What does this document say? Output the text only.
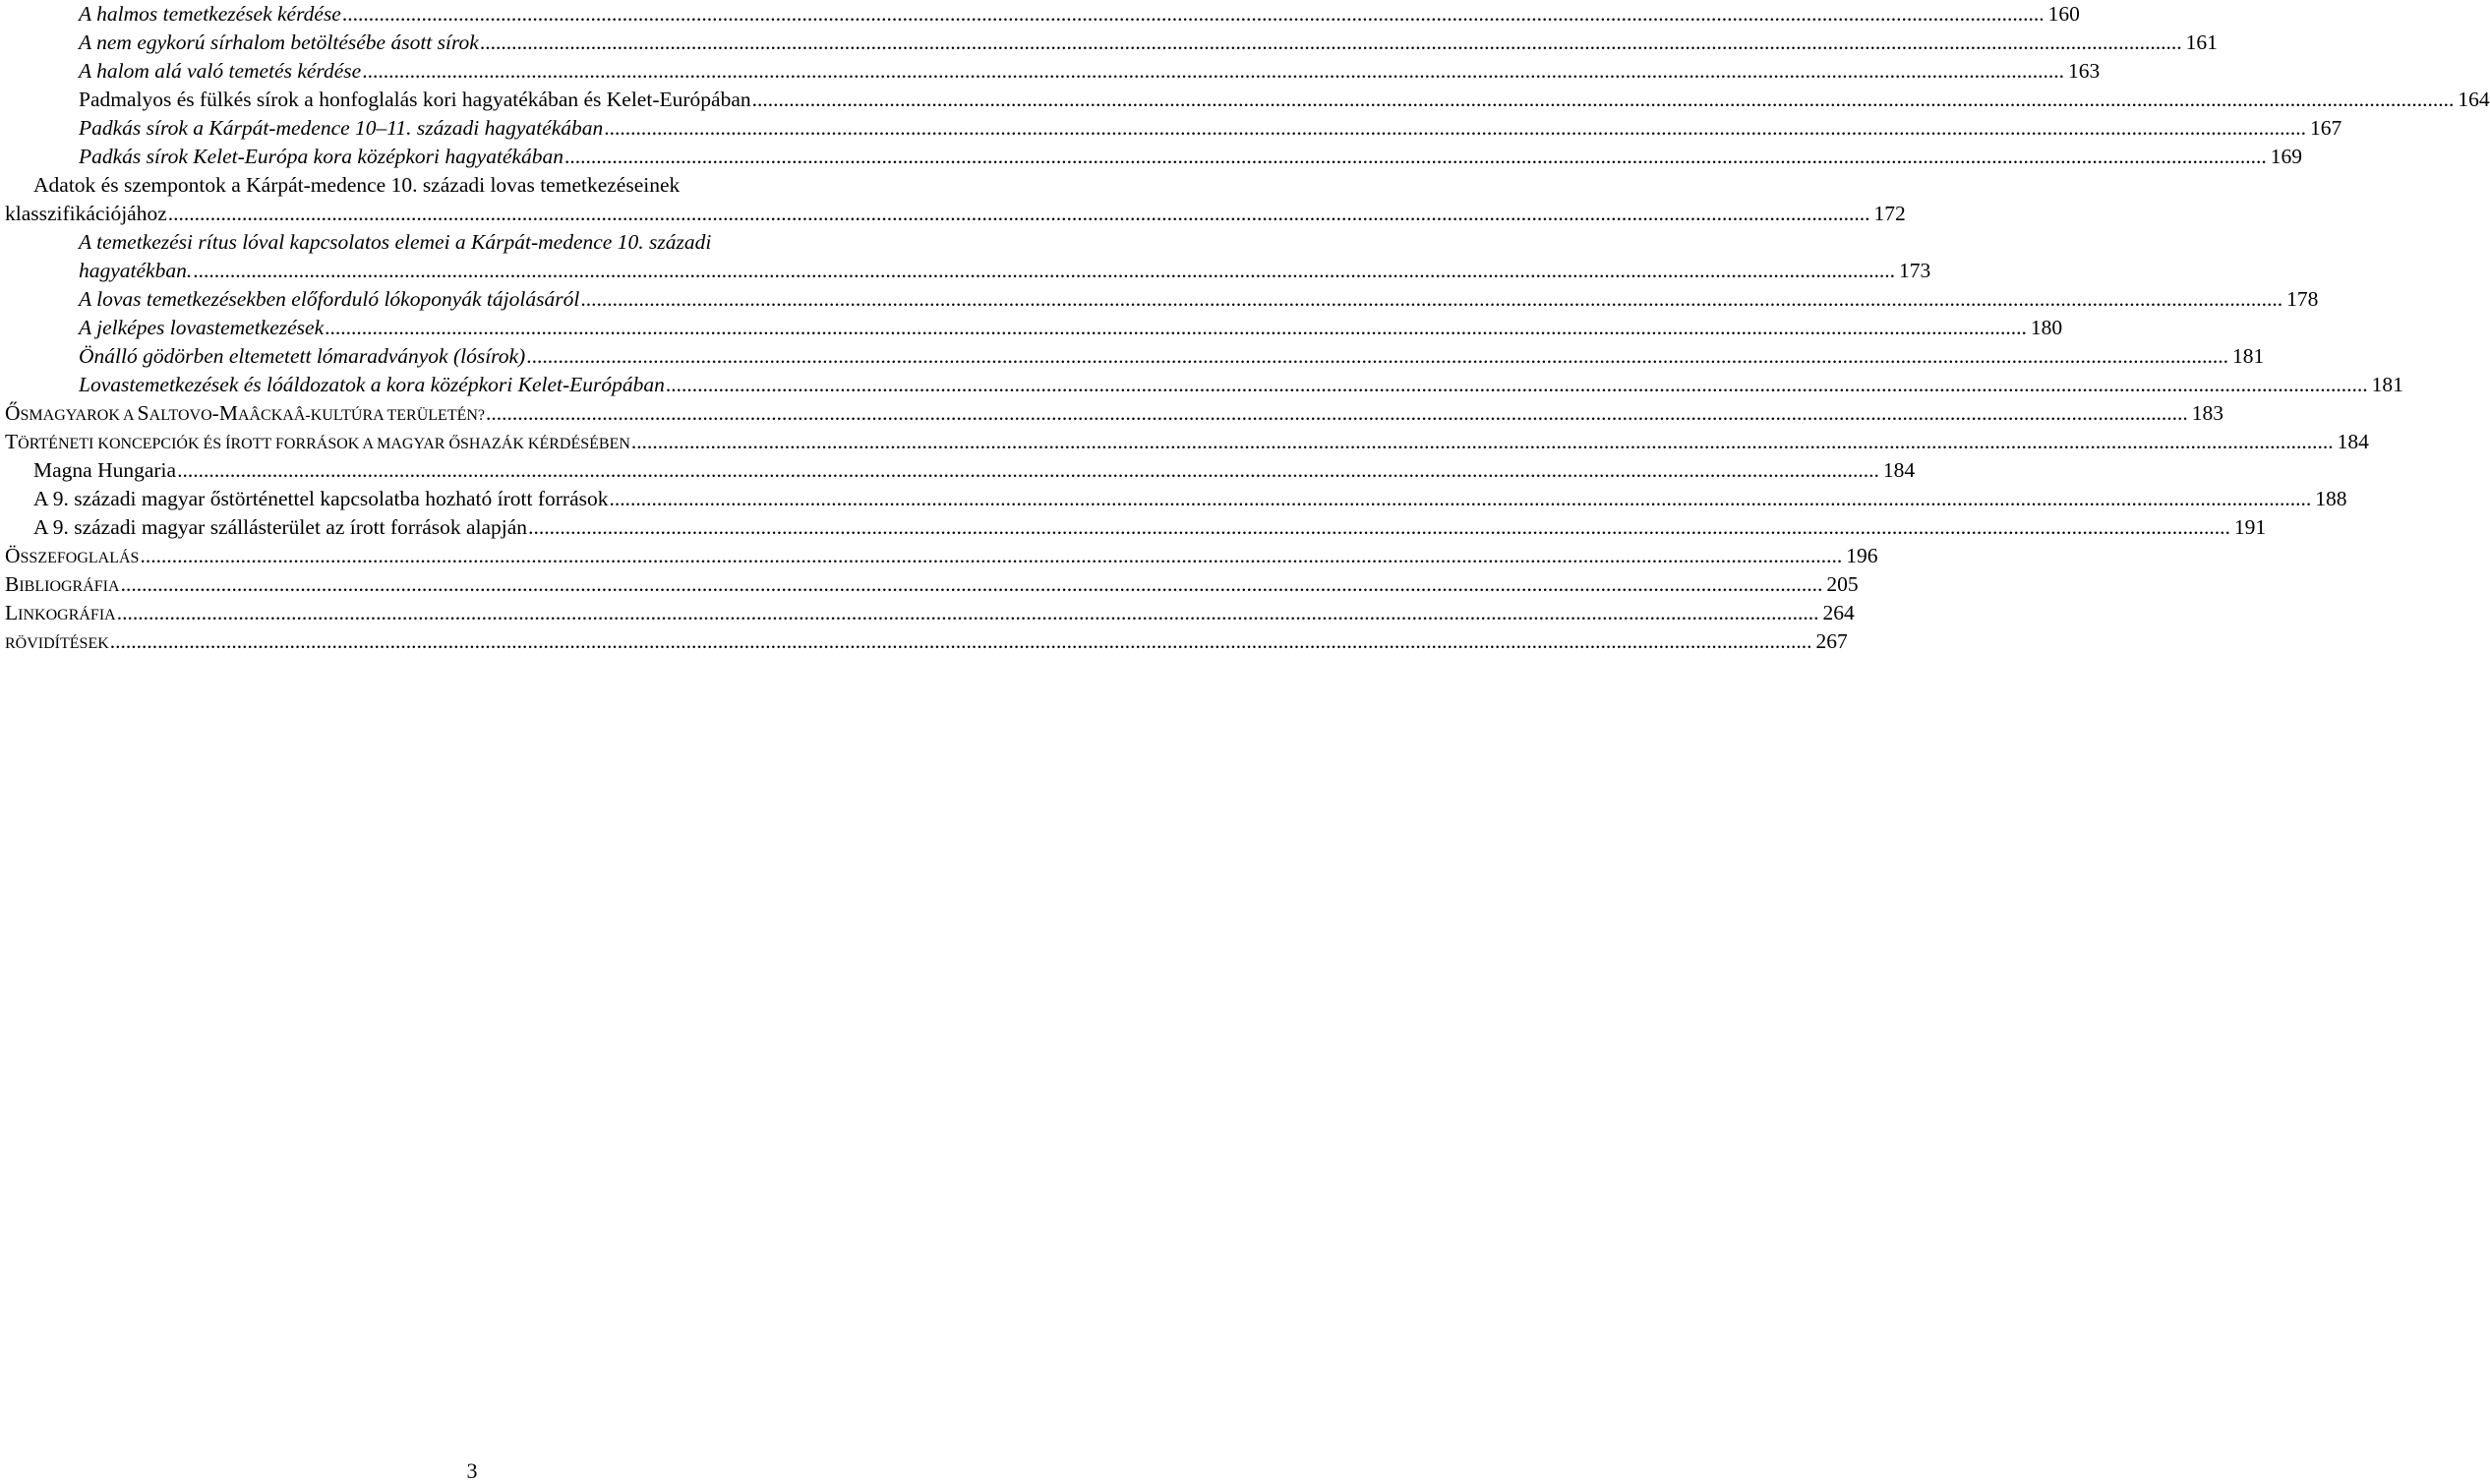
A halmos temetkezések kérdése .....	160
A nem egykorú sírhalom betöltésébe ásott sírok .....	161
A halom alá való temetés kérdése .....	163
Padmalyos és fülkés sírok a honfoglalás kori hagyatékában és Kelet-Európában .....	164
Padkás sírok a Kárpát-medence 10–11. századi hagyatékában .....	167
Padkás sírok Kelet-Európa kora középkori hagyatékában .....	169
Adatok és szempontok a Kárpát-medence 10. századi lovas temetkezéseinek
klasszifikációjához .....	172
A temetkezési rítus lóval kapcsolatos elemei a Kárpát-medence 10. századi
hagyatékban. .....	173
A lovas temetkezésekben előforduló lókoponyák tájolásáról .....	178
A jelképes lovastemetkezések .....	180
Önálló gödörben eltemetett lómaradványok (lósírok) .....	181
Lovastemetkezések és lóáldozatok a kora középkori Kelet-Európában .....	181
ŐSMAGYAROK A SALTOVO-MAÂCKAÂ-KULTÚRA TERÜLETÉN? .....	183
TÖRTÉNETI KONCEPCIÓK ÉS ÍROTT FORRÁSOK A MAGYAR ŐSHAZÁK KÉRDÉSÉBEN .....	184
Magna Hungaria .....	184
A 9. századi magyar őstörténettel kapcsolatba hozható írott források .....	188
A 9. századi magyar szállásterület az írott források alapján .....	191
ÖSSZEFOGLALÁS .....	196
BIBLIOGRÁFIA .....	205
LINKOGRÁFIA .....	264
RÖVIDÍTÉSEK .....	267
3
